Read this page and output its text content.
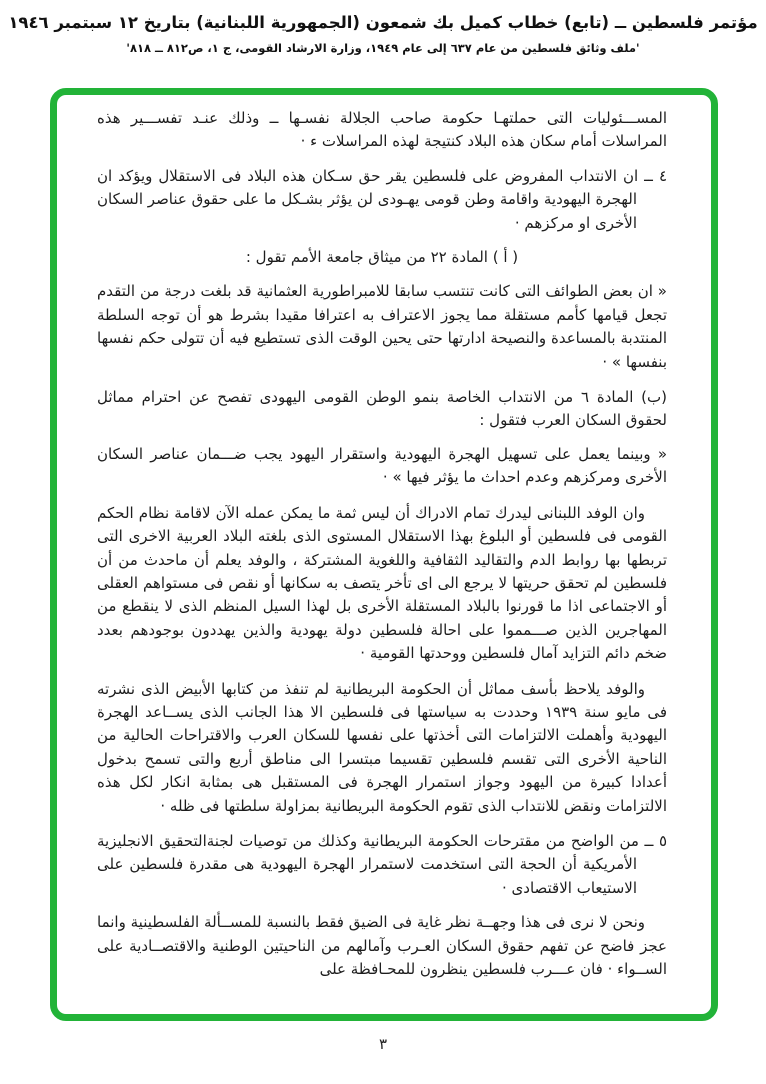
مؤتمر فلسطين ــ (تابع) خطاب كميل بك شمعون (الجمهورية اللبنانية) بتاريخ ١٢ سبتمبر ١٩٤٦
'ملف وثائق فلسطين من عام ٦٣٧ إلى عام ١٩٤٩، وزارة الارشاد القومى، ج ١، ص٨١٢ ــ ٨١٨'
المســـئوليات التى حملتهـا حكومة صاحب الجلالة نفسـها ــ وذلك عنـد تفســـير هذه المراسلات أمام سكان هذه البلاد كنتيجة لهذه المراسلات ء ·
٤ ــ ان الانتداب المفروض على فلسطين يقر حق سـكان هذه البلاد فى الاستقلال ويؤكد ان الهجرة اليهودية واقامة وطن قومى يهـودى لن يؤثر بشـكل ما على حقوق عناصر السكان الأخرى او مركزهم ·
( أ ) المادة ٢٢ من ميثاق جامعة الأمم تقول :
« ان بعض الطوائف التى كانت تنتسب سابقا للامبراطورية العثمانية قد بلغت درجة من التقدم تجعل قيامها كأمم مستقلة مما يجوز الاعتراف به اعترافا مقيدا بشرط هو أن توجه السلطة المنتدبة بالمساعدة والنصيحة ادارتها حتى يحين الوقت الذى تستطيع فيه أن تتولى حكم نفسها بنفسها » ·
(ب) المادة ٦ من الانتداب الخاصة بنمو الوطن القومى اليهودى تفصح عن احترام مماثل لحقوق السكان العرب فتقول :
« وبينما يعمل على تسهيل الهجرة اليهودية واستقرار اليهود يجب ضـــمان عناصر السكان الأخرى ومركزهم وعدم احداث ما يؤثر فيها » ·
وان الوفد اللبنانى ليدرك تمام الادراك أن ليس ثمة ما يمكن عمله الآن لاقامة نظام الحكم القومى فى فلسطين أو البلوغ بهذا الاستقلال المستوى الذى بلغته البلاد العربية الاخرى التى تربطها بها روابط الدم والتقاليد الثقافية واللغوية المشتركة ، والوفد يعلم أن ماحدث من أن فلسطين لم تحقق حريتها لا يرجع الى اى تأخر يتصف به سكانها أو نقص فى مستواهم العقلى أو الاجتماعى اذا ما قورنوا بالبلاد المستقلة الأخرى بل لهذا السيل المنظم الذى لا ينقطع من المهاجرين الذين صـــمموا على احالة فلسطين دولة يهودية والذين يهددون بوجودهم بعدد ضخم دائم التزايد آمال فلسطين ووحدتها القومية ·
والوفد يلاحظ بأسف مماثل أن الحكومة البريطانية لم تنفذ من كتابها الأبيض الذى نشرته فى مايو سنة ١٩٣٩ وحددت به سياستها فى فلسطين الا هذا الجانب الذى يســاعد الهجرة اليهودية وأهملت الالتزامات التى أخذتها على نفسها للسكان العرب والاقتراحات الحالية من الناحية الأخرى التى تقسم فلسطين تقسيما مبتسرا الى مناطق أربع والتى تسمح بدخول أعدادا كبيرة من اليهود وجواز استمرار الهجرة فى المستقبل هى بمثابة انكار لكل هذه الالتزامات ونقض للانتداب الذى تقوم الحكومة البريطانية بمزاولة سلطتها فى ظله ·
٥ ــ من الواضح من مقترحات الحكومة البريطانية وكذلك من توصيات لجنةالتحقيق الانجليزية الأمريكية أن الحجة التى استخدمت لاستمرار الهجرة اليهودية هى مقدرة فلسطين على الاستيعاب الاقتصادى ·
ونحن لا نرى فى هذا وجهــة نظر غاية فى الضيق فقط بالنسبة للمســألة الفلسطينية وانما عجز فاضح عن تفهم حقوق السكان العـرب وآمالهم من الناحيتين الوطنية والاقتصــادية على الســواء · فان عـــرب فلسطين ينظرون للمحـافظة على
٣
